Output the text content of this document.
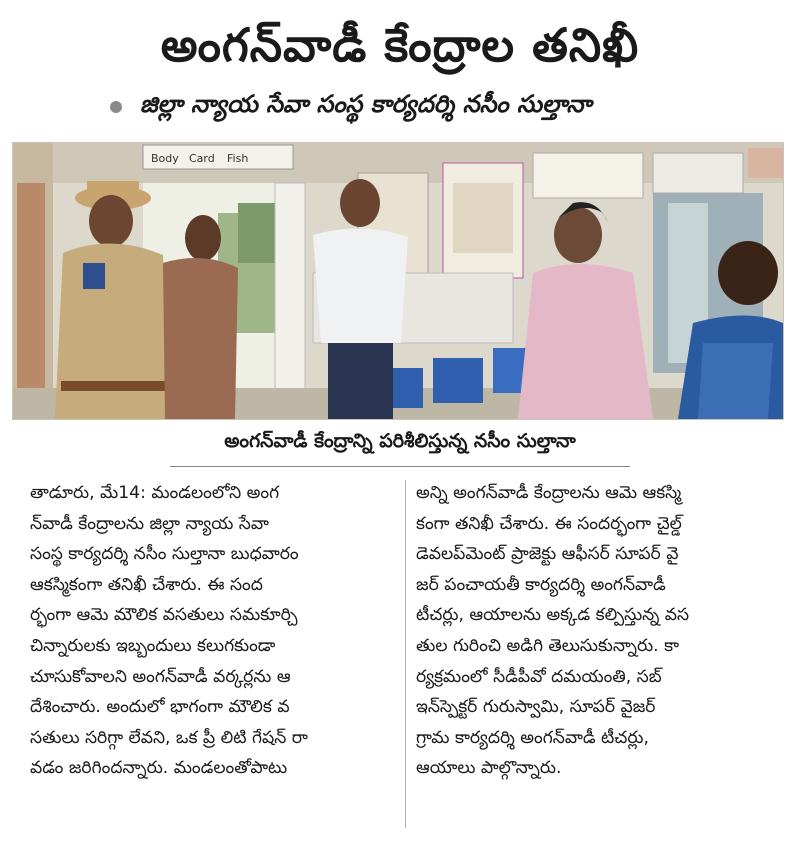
అంగన్‌వాడీ కేంద్రాల తనిఖీ
జిల్లా న్యాయ సేవా సంస్థ కార్యదర్శి నసీం సుల్తానా
Body Card Fish
అంగన్‌వాడీ కేంద్రాన్ని పరిశీలిస్తున్న నసీం సుల్తానా
తాడూరు, మే14: మండలంలోని అంగ
న్‌వాడీ కేంద్రాలను జిల్లా న్యాయ సేవా
సంస్థ కార్యదర్శి నసీం సుల్తానా బుధవారం
ఆకస్మికంగా తనిఖీ చేశారు. ఈ సంద
ర్భంగా ఆమె మౌలిక వసతులు సమకూర్చి
చిన్నారులకు ఇబ్బందులు కలుగకుండా
చూసుకోవాలని అంగన్‌వాడీ వర్కర్లను ఆ
దేశించారు. అందులో భాగంగా మౌలిక వ
సతులు సరిగ్గా లేవని, ఒక ప్రీ లిటి గేషన్ రా
వడం జరిగిందన్నారు. మండలంతోపాటు
అన్ని అంగన్‌వాడీ కేంద్రాలను ఆమె ఆకస్మి
కంగా తనిఖీ చేశారు. ఈ సందర్భంగా చైల్డ్
డెవలప్‌మెంట్ ప్రాజెక్టు ఆఫీసర్ సూపర్ వై
జర్ పంచాయతీ కార్యదర్శి అంగన్‌వాడీ
టీచర్లు, ఆయాలను అక్కడ కల్పిస్తున్న వస
తుల గురించి అడిగి తెలుసుకున్నారు. కా
ర్యక్రమంలో సీడీపీవో దమయంతి, సబ్
ఇన్‌స్పెక్టర్ గురుస్వామి, సూపర్ వైజర్
గ్రామ కార్యదర్శి అంగన్‌వాడీ టీచర్లు,
ఆయాలు పాల్గొన్నారు.
